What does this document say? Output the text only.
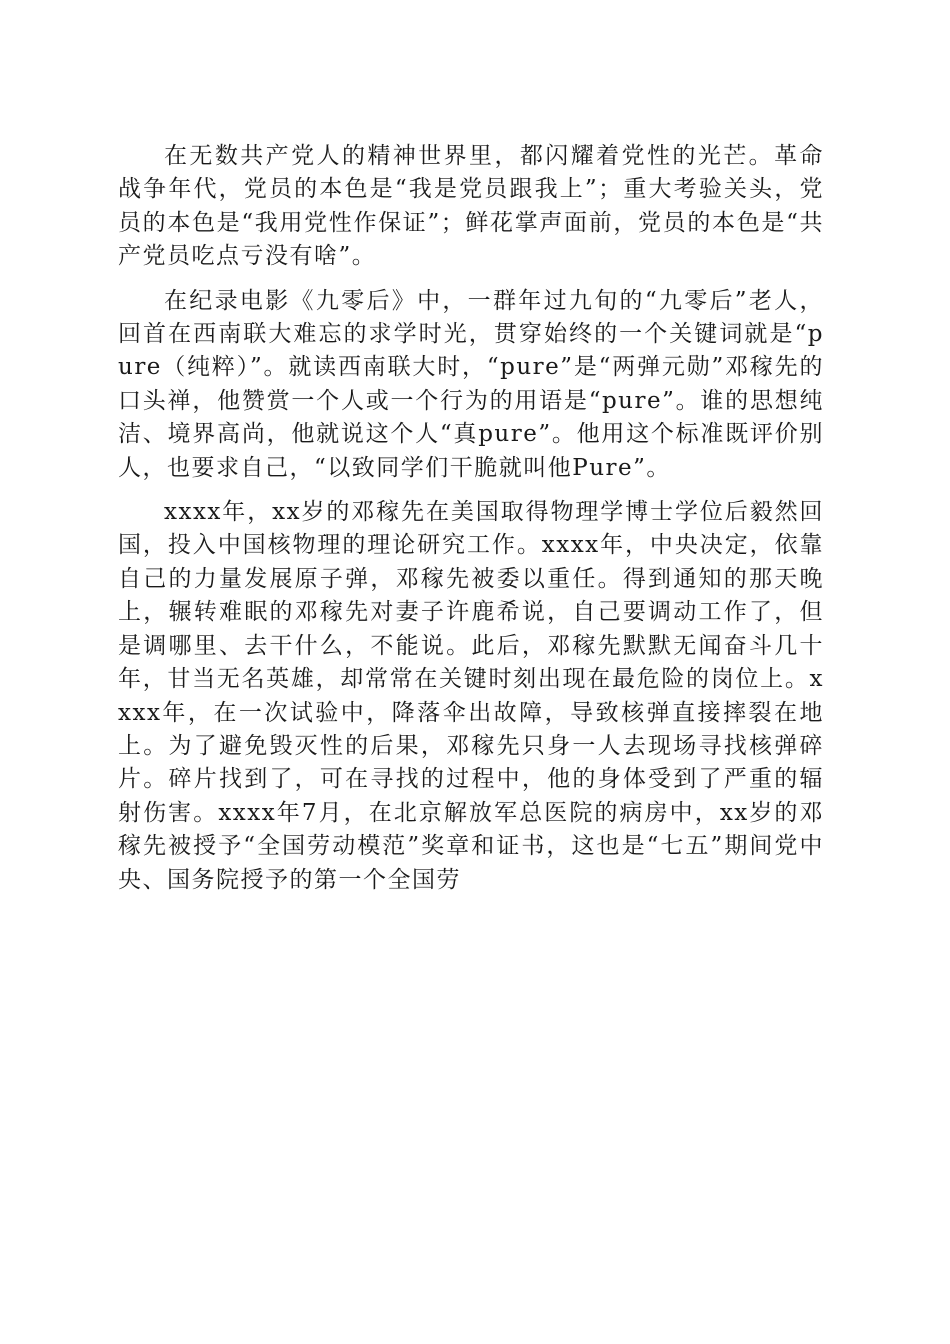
在无数共产党人的精神世界里，都闪耀着党性的光芒。革命战争年代，党员的本色是“我是党员跟我上”；重大考验关头，党员的本色是“我用党性作保证”；鲜花掌声面前，党员的本色是“共产党员吃点亏没有啥”。

在纪录电影《九零后》中，一群年过九旬的“九零后”老人，回首在西南联大难忘的求学时光，贯穿始终的一个关键词就是“pure（纯粹）”。就读西南联大时，“pure”是“两弹元勋”邓稼先的口头禅，他赞赏一个人或一个行为的用语是“pure”。谁的思想纯洁、境界高尚，他就说这个人“真pure”。他用这个标准既评价别人，也要求自己，“以致同学们干脆就叫他Pure”。

xxxx年，xx岁的邓稼先在美国取得物理学博士学位后毅然回国，投入中国核物理的理论研究工作。xxxx年，中央决定，依靠自己的力量发展原子弹，邓稼先被委以重任。得到通知的那天晚上，辗转难眠的邓稼先对妻子许鹿希说，自己要调动工作了，但是调哪里、去干什么，不能说。此后，邓稼先默默无闻奋斗几十年，甘当无名英雄，却常常在关键时刻出现在最危险的岗位上。xxxx年，在一次试验中，降落伞出故障，导致核弹直接摔裂在地上。为了避免毁灭性的后果，邓稼先只身一人去现场寻找核弹碎片。碎片找到了，可在寻找的过程中，他的身体受到了严重的辐射伤害。xxxx年7月，在北京解放军总医院的病房中，xx岁的邓稼先被授予“全国劳动模范”奖章和证书，这也是“七五”期间党中央、国务院授予的第一个全国劳
